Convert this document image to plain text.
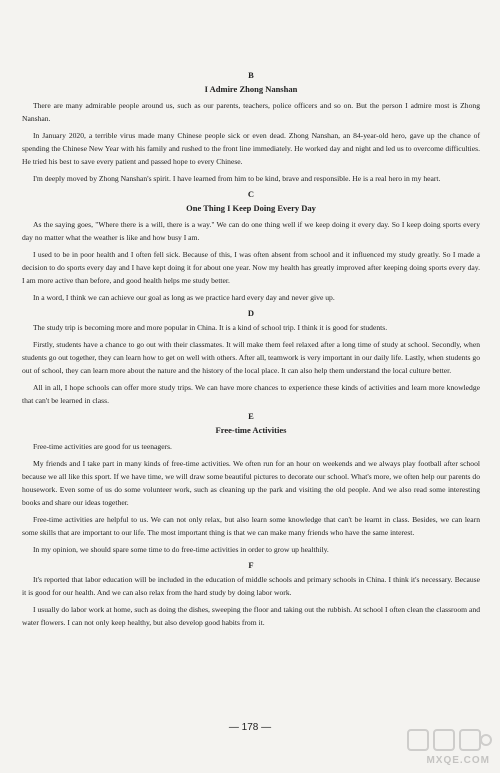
B
I Admire Zhong Nanshan

There are many admirable people around us, such as our parents, teachers, police officers and so on. But the person I admire most is Zhong Nanshan.

In January 2020, a terrible virus made many Chinese people sick or even dead. Zhong Nanshan, an 84-year-old hero, gave up the chance of spending the Chinese New Year with his family and rushed to the front line immediately. He worked day and night and led us to overcome difficulties. He tried his best to save every patient and passed hope to every Chinese.

I'm deeply moved by Zhong Nanshan's spirit. I have learned from him to be kind, brave and responsible. He is a real hero in my heart.

C
One Thing I Keep Doing Every Day

As the saying goes, "Where there is a will, there is a way." We can do one thing well if we keep doing it every day. So I keep doing sports every day no matter what the weather is like and how busy I am.

I used to be in poor health and I often fell sick. Because of this, I was often absent from school and it influenced my study greatly. So I made a decision to do sports every day and I have kept doing it for about one year. Now my health has greatly improved after keeping doing sports every day. I am more active than before, and good health helps me study better.

In a word, I think we can achieve our goal as long as we practice hard every day and never give up.

D

The study trip is becoming more and more popular in China. It is a kind of school trip. I think it is good for students.

Firstly, students have a chance to go out with their classmates. It will make them feel relaxed after a long time of study at school. Secondly, when students go out together, they can learn how to get on well with others. After all, teamwork is very important in our daily life. Lastly, when students go out of school, they can learn more about the nature and the history of the local place. It can also help them understand the local culture better.

All in all, I hope schools can offer more study trips. We can have more chances to experience these kinds of activities and learn more knowledge that can't be learned in class.

E
Free-time Activities

Free-time activities are good for us teenagers.

My friends and I take part in many kinds of free-time activities. We often run for an hour on weekends and we always play football after school because we all like this sport. If we have time, we will draw some beautiful pictures to decorate our school. What's more, we often help our parents do housework. Even some of us do some volunteer work, such as cleaning up the park and visiting the old people. And we also read some interesting books and share our ideas together.

Free-time activities are helpful to us. We can not only relax, but also learn some knowledge that can't be learnt in class. Besides, we can learn some skills that are important to our life. The most important thing is that we can make many friends who have the same interest.

In my opinion, we should spare some time to do free-time activities in order to grow up healthily.

F

It's reported that labor education will be included in the education of middle schools and primary schools in China. I think it's necessary. Because it is good for our health. And we can also relax from the hard study by doing labor work.

I usually do labor work at home, such as doing the dishes, sweeping the floor and taking out the rubbish. At school I often clean the classroom and water flowers. I can not only keep healthy, but also develop good habits from it.

— 178 —
MXQE.COM
